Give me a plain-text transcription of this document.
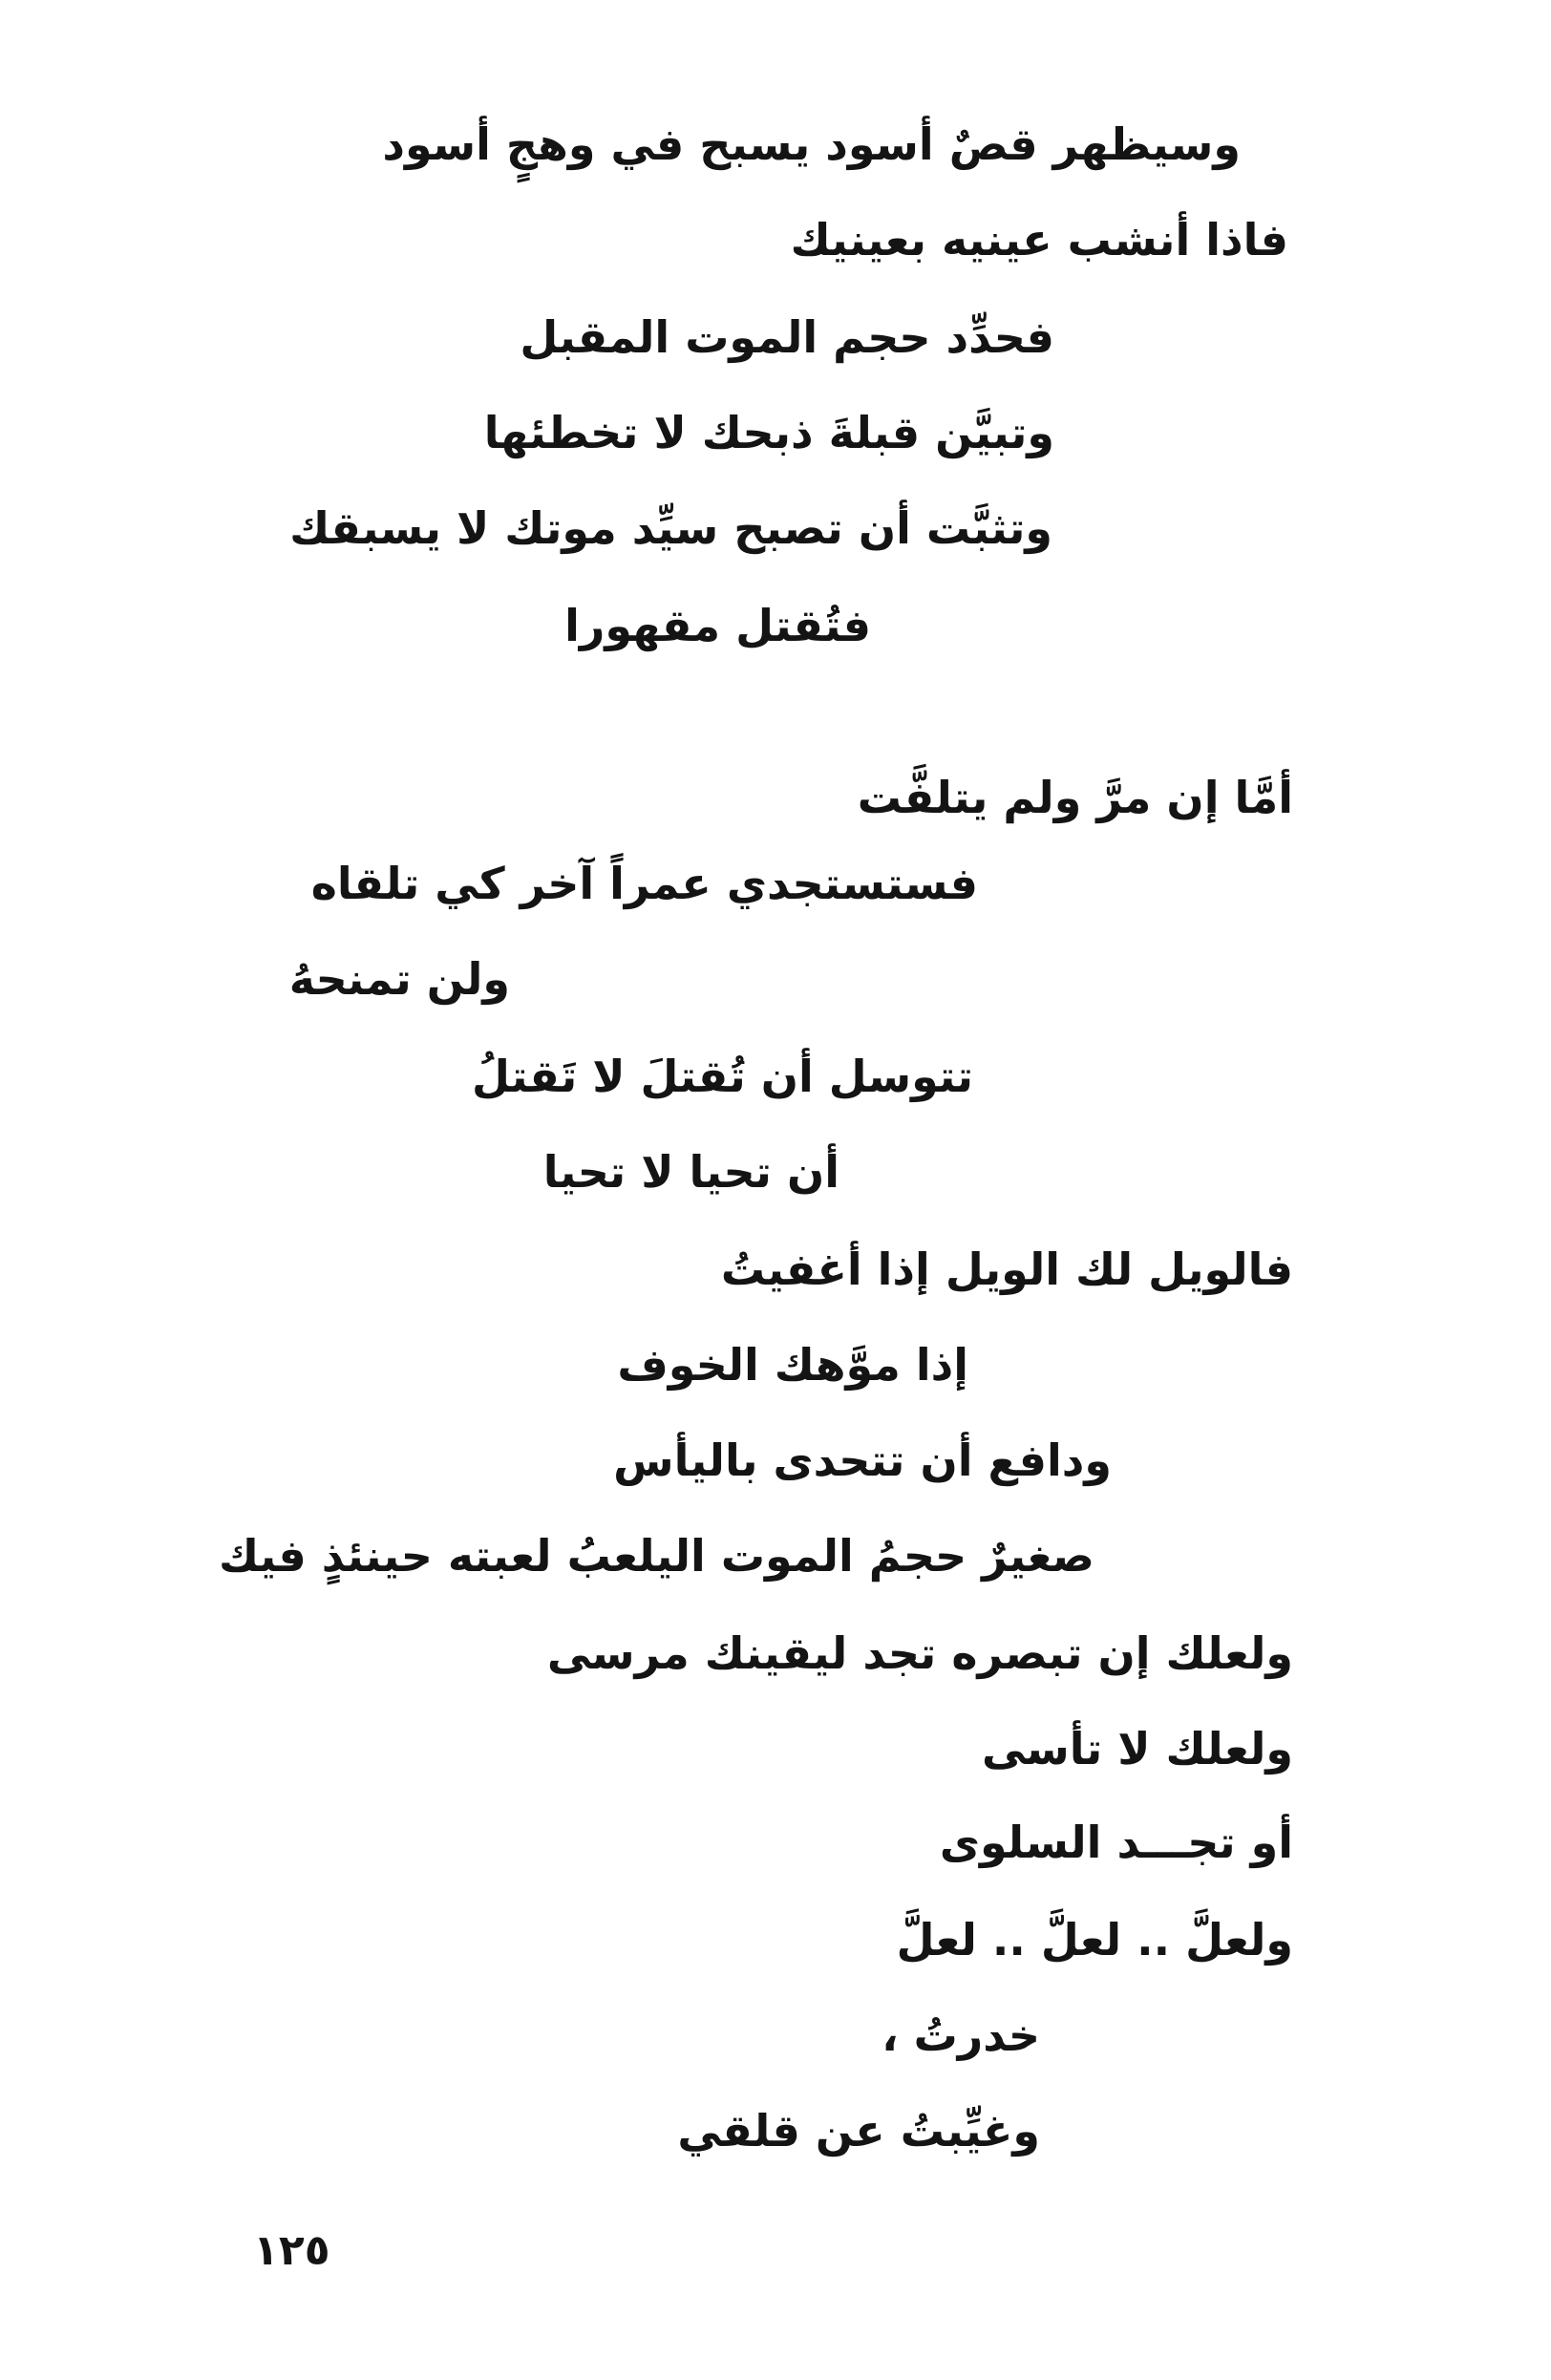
وسيظهر قصٌ أسود يسبح في وهجٍ أسود
فاذا أنشب عينيه بعينيك
فحدِّد حجم الموت المقبل
وتبيَّن قبلةَ ذبحك لا تخطئها
وتثبَّت أن تصبح سيِّد موتك لا يسبقك
فتُقتل مقهورا
أمَّا إن مرَّ ولم يتلفَّت
فستستجدي عمراً آخر كي تلقاه
ولن تمنحهُ
تتوسل أن تُقتلَ لا تَقتلُ
أن تحيا لا تحيا
فالويل لك الويل إذا أغفيتُ
إذا موَّهك الخوف
ودافع أن تتحدى باليأس
صغيرٌ حجمُ الموت اليلعبُ لعبته حينئذٍ فيك
ولعلك إن تبصره تجد ليقينك مرسى
ولعلك لا تأسى
أو تجـــد السلوى
ولعلَّ .. لعلَّ .. لعلَّ
خدرتُ ،
وغيِّبتُ عن قلقي
١٢٥
